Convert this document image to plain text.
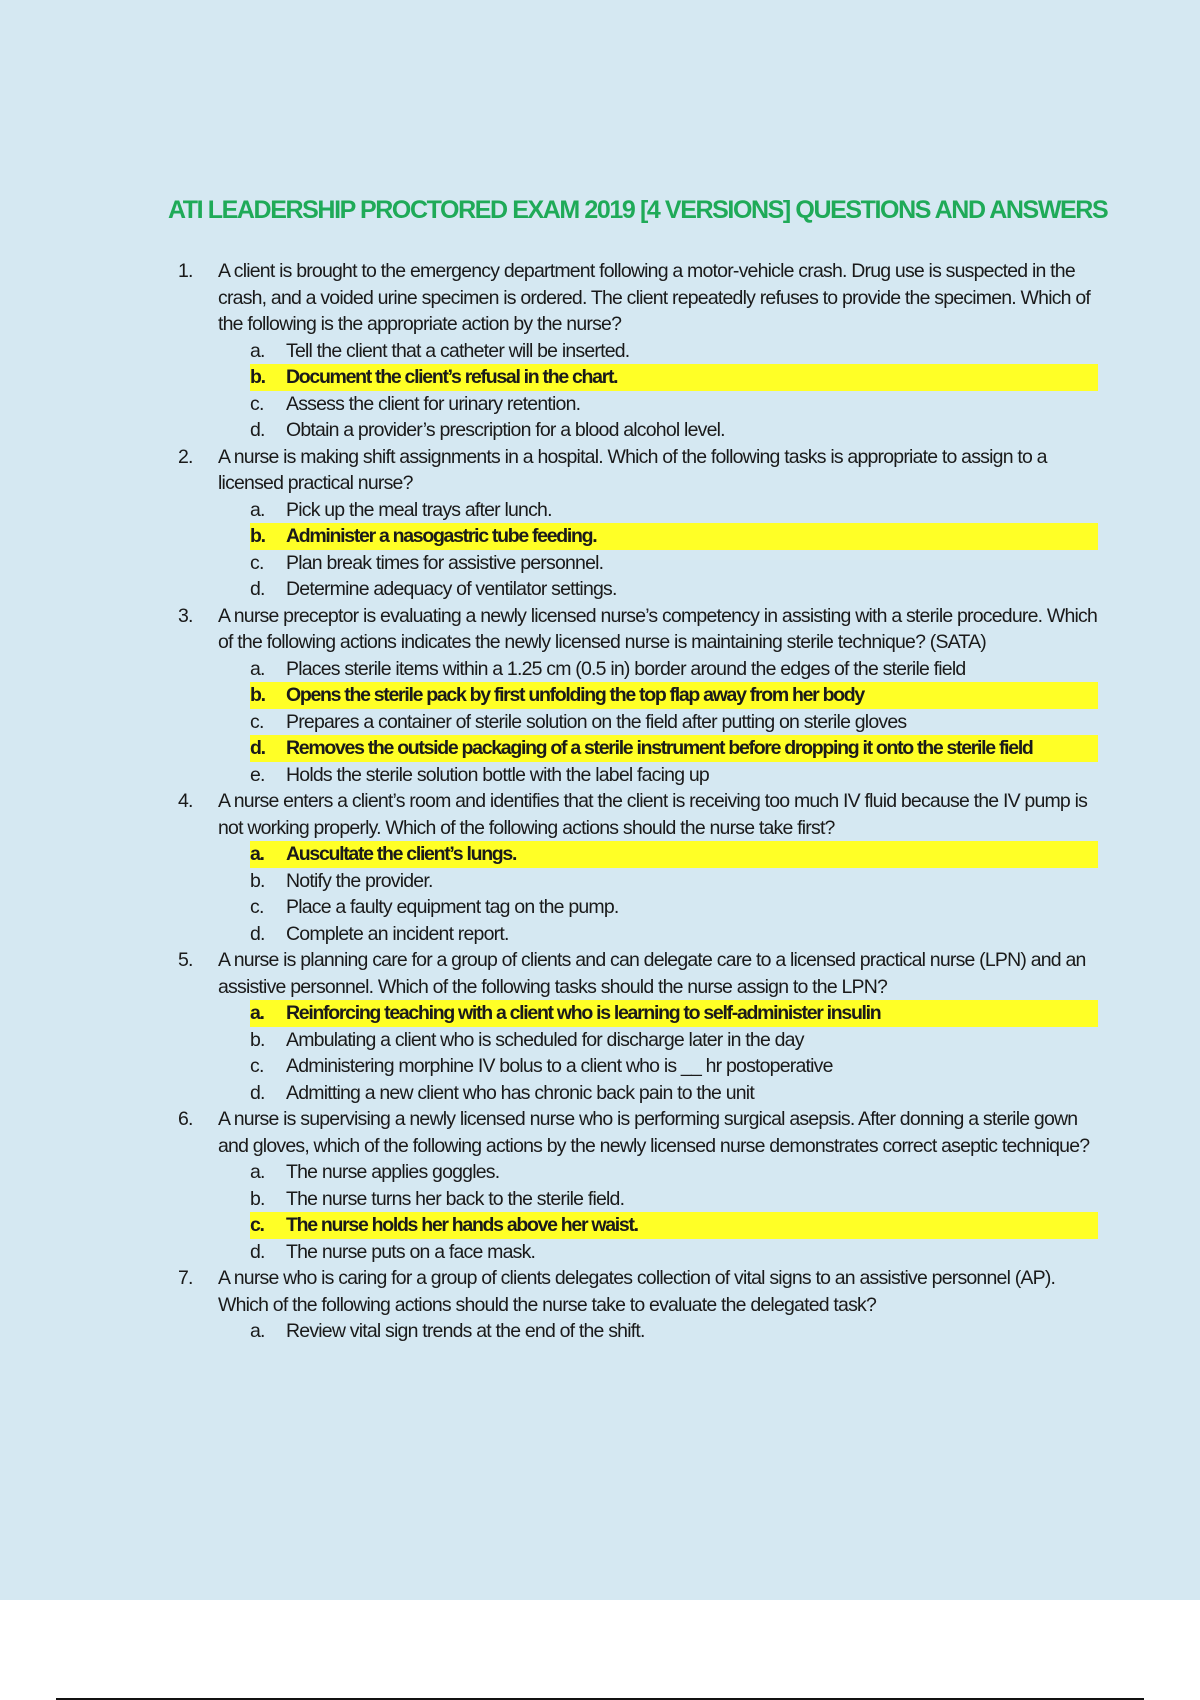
ATI LEADERSHIP PROCTORED EXAM 2019 [4 VERSIONS] QUESTIONS AND ANSWERS
1. A client is brought to the emergency department following a motor-vehicle crash. Drug use is suspected in the crash, and a voided urine specimen is ordered. The client repeatedly refuses to provide the specimen. Which of the following is the appropriate action by the nurse?
a. Tell the client that a catheter will be inserted.
b. Document the client’s refusal in the chart.
c. Assess the client for urinary retention.
d. Obtain a provider’s prescription for a blood alcohol level.
2. A nurse is making shift assignments in a hospital. Which of the following tasks is appropriate to assign to a licensed practical nurse?
a. Pick up the meal trays after lunch.
b. Administer a nasogastric tube feeding.
c. Plan break times for assistive personnel.
d. Determine adequacy of ventilator settings.
3. A nurse preceptor is evaluating a newly licensed nurse’s competency in assisting with a sterile procedure. Which of the following actions indicates the newly licensed nurse is maintaining sterile technique? (SATA)
a. Places sterile items within a 1.25 cm (0.5 in) border around the edges of the sterile field
b. Opens the sterile pack by first unfolding the top flap away from her body
c. Prepares a container of sterile solution on the field after putting on sterile gloves
d. Removes the outside packaging of a sterile instrument before dropping it onto the sterile field
e. Holds the sterile solution bottle with the label facing up
4. A nurse enters a client’s room and identifies that the client is receiving too much IV fluid because the IV pump is not working properly. Which of the following actions should the nurse take first?
a. Auscultate the client’s lungs.
b. Notify the provider.
c. Place a faulty equipment tag on the pump.
d. Complete an incident report.
5. A nurse is planning care for a group of clients and can delegate care to a licensed practical nurse (LPN) and an assistive personnel. Which of the following tasks should the nurse assign to the LPN?
a. Reinforcing teaching with a client who is learning to self-administer insulin
b. Ambulating a client who is scheduled for discharge later in the day
c. Administering morphine IV bolus to a client who is __ hr postoperative
d. Admitting a new client who has chronic back pain to the unit
6. A nurse is supervising a newly licensed nurse who is performing surgical asepsis. After donning a sterile gown and gloves, which of the following actions by the newly licensed nurse demonstrates correct aseptic technique?
a. The nurse applies goggles.
b. The nurse turns her back to the sterile field.
c. The nurse holds her hands above her waist.
d. The nurse puts on a face mask.
7. A nurse who is caring for a group of clients delegates collection of vital signs to an assistive personnel (AP). Which of the following actions should the nurse take to evaluate the delegated task?
a. Review vital sign trends at the end of the shift.
